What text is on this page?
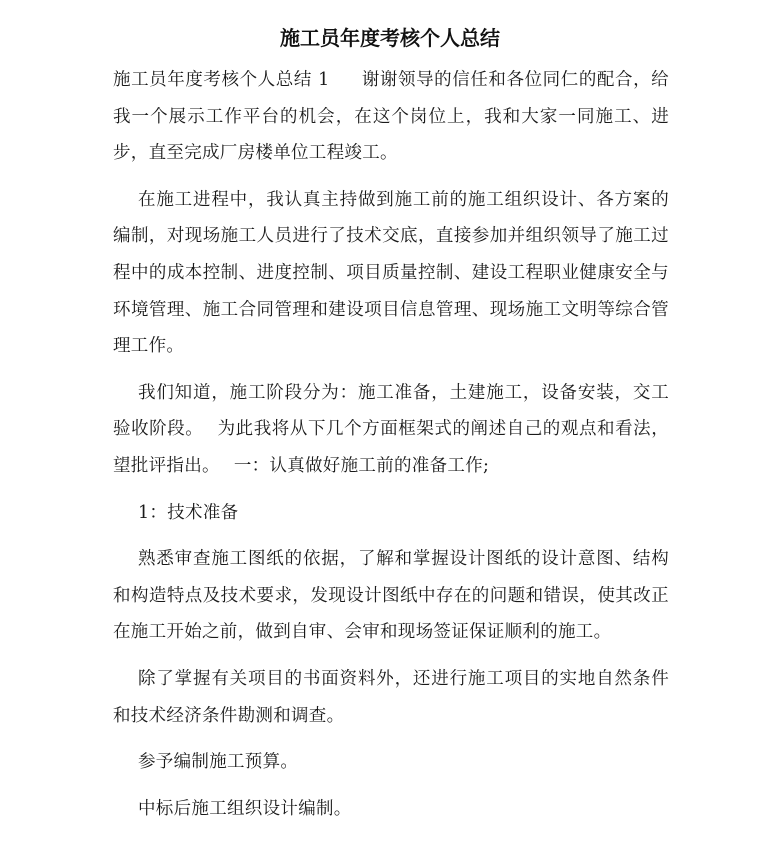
施工员年度考核个人总结

施工员年度考核个人总结 1 谢谢领导的信任和各位同仁的配合，给我一个展示工作平台的机会，在这个岗位上，我和大家一同施工、进步，直至完成厂房楼单位工程竣工。

在施工进程中，我认真主持做到施工前的施工组织设计、各方案的编制，对现场施工人员进行了技术交底，直接参加并组织领导了施工过程中的成本控制、进度控制、项目质量控制、建设工程职业健康安全与环境管理、施工合同管理和建设项目信息管理、现场施工文明等综合管理工作。

我们知道，施工阶段分为：施工准备，土建施工，设备安装，交工验收阶段。 为此我将从下几个方面框架式的阐述自己的观点和看法，望批评指出。 一：认真做好施工前的准备工作;

1：技术准备

熟悉审查施工图纸的依据，了解和掌握设计图纸的设计意图、结构和构造特点及技术要求，发现设计图纸中存在的问题和错误，使其改正在施工开始之前，做到自审、会审和现场签证保证顺利的施工。

除了掌握有关项目的书面资料外，还进行施工项目的实地自然条件和技术经济条件勘测和调查。

参予编制施工预算。

中标后施工组织设计编制。
